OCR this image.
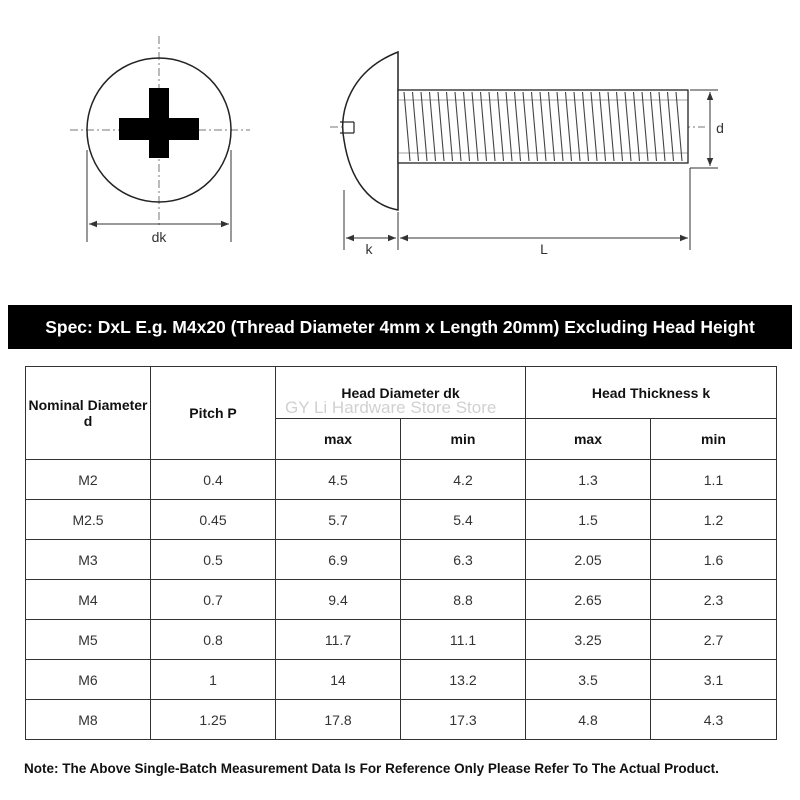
dk
d
k	L
Spec: DxL E.g. M4x20 (Thread Diameter 4mm x Length 20mm) Excluding Head Height
Nominal Diameter d	Pitch P	Head Diameter dk		Head Thickness k	
		max	min	max	min
M2	0.4	4.5	4.2	1.3	1.1
M2.5	0.45	5.7	5.4	1.5	1.2
M3	0.5	6.9	6.3	2.05	1.6
M4	0.7	9.4	8.8	2.65	2.3
M5	0.8	11.7	11.1	3.25	2.7
M6	1	14	13.2	3.5	3.1
M8	1.25	17.8	17.3	4.8	4.3
GY Li Hardware Store Store
Note: The Above Single-Batch Measurement Data Is For Reference Only Please Refer To The Actual Product.
